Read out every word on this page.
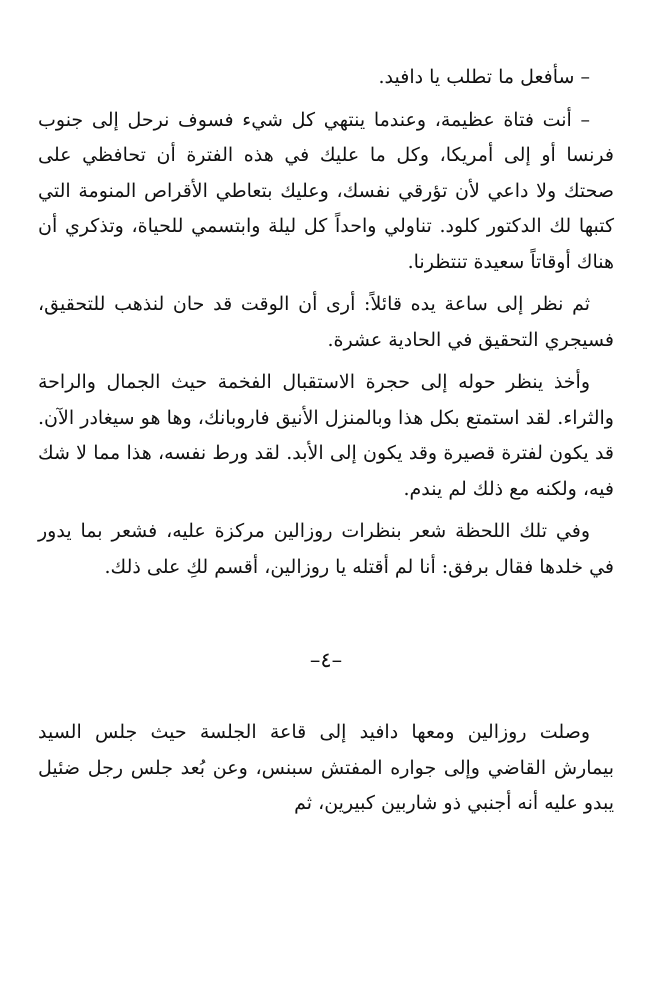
– سأفعل ما تطلب يا دافيد.

– أنت فتاة عظيمة، وعندما ينتهي كل شيء فسوف نرحل إلى جنوب فرنسا أو إلى أمريكا، وكل ما عليك في هذه الفترة أن تحافظي على صحتك ولا داعي لأن تؤرقي نفسك، وعليك بتعاطي الأقراص المنومة التي كتبها لك الدكتور كلود. تناولي واحداً كل ليلة وابتسمي للحياة، وتذكري أن هناك أوقاتاً سعيدة تنتظرنا.

ثم نظر إلى ساعة يده قائلاً: أرى أن الوقت قد حان لنذهب للتحقيق، فسيجري التحقيق في الحادية عشرة.

وأخذ ينظر حوله إلى حجرة الاستقبال الفخمة حيث الجمال والراحة والثراء. لقد استمتع بكل هذا وبالمنزل الأنيق فاروبانك، وها هو سيغادر الآن. قد يكون لفترة قصيرة وقد يكون إلى الأبد. لقد ورط نفسه، هذا مما لا شك فيه، ولكنه مع ذلك لم يندم.

وفي تلك اللحظة شعر بنظرات روزالين مركزة عليه، فشعر بما يدور في خلدها فقال برفق: أنا لم أقتله يا روزالين، أقسم لكِ على ذلك.

–٤–

وصلت روزالين ومعها دافيد إلى قاعة الجلسة حيث جلس السيد بيمارش القاضي وإلى جواره المفتش سبنس، وعن بُعد جلس رجل ضئيل يبدو عليه أنه أجنبي ذو شاربين كبيرين، ثم
